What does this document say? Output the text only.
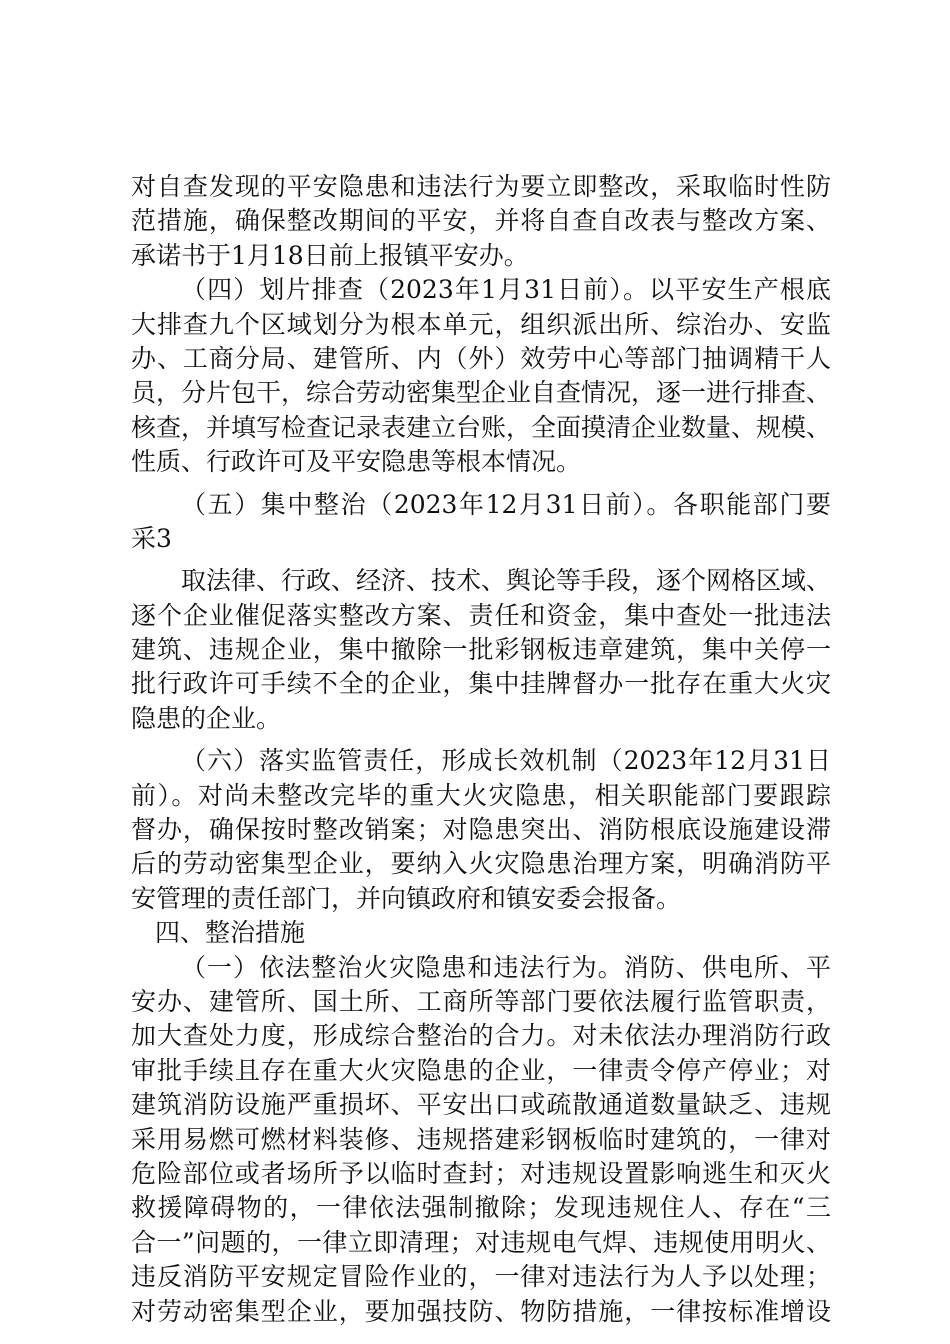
对自查发现的平安隐患和违法行为要立即整改，采取临时性防
范措施，确保整改期间的平安，并将自查自改表与整改方案、
承诺书于1月18日前上报镇平安办。
（四）划片排查（2023年1月31日前）。以平安生产根底
大排查九个区域划分为根本单元，组织派出所、综治办、安监
办、工商分局、建管所、内（外）效劳中心等部门抽调精干人
员，分片包干，综合劳动密集型企业自查情况，逐一进行排查、
核查，并填写检查记录表建立台账，全面摸清企业数量、规模、
性质、行政许可及平安隐患等根本情况。
（五）集中整治（2023年12月31日前）。各职能部门要
采3
取法律、行政、经济、技术、舆论等手段，逐个网格区域、
逐个企业催促落实整改方案、责任和资金，集中查处一批违法
建筑、违规企业，集中撤除一批彩钢板违章建筑，集中关停一
批行政许可手续不全的企业，集中挂牌督办一批存在重大火灾
隐患的企业。
（六）落实监管责任，形成长效机制（2023年12月31日
前）。对尚未整改完毕的重大火灾隐患，相关职能部门要跟踪
督办，确保按时整改销案；对隐患突出、消防根底设施建设滞
后的劳动密集型企业，要纳入火灾隐患治理方案，明确消防平
安管理的责任部门，并向镇政府和镇安委会报备。
四、整治措施
（一）依法整治火灾隐患和违法行为。消防、供电所、平
安办、建管所、国土所、工商所等部门要依法履行监管职责，
加大查处力度，形成综合整治的合力。对未依法办理消防行政
审批手续且存在重大火灾隐患的企业，一律责令停产停业；对
建筑消防设施严重损坏、平安出口或疏散通道数量缺乏、违规
采用易燃可燃材料装修、违规搭建彩钢板临时建筑的，一律对
危险部位或者场所予以临时查封；对违规设置影响逃生和灭火
救援障碍物的，一律依法强制撤除；发现违规住人、存在“三
合一”问题的，一律立即清理；对违规电气焊、违规使用明火、
违反消防平安规定冒险作业的，一律对违法行为人予以处理；
对劳动密集型企业，要加强技防、物防措施，一律按标准增设
